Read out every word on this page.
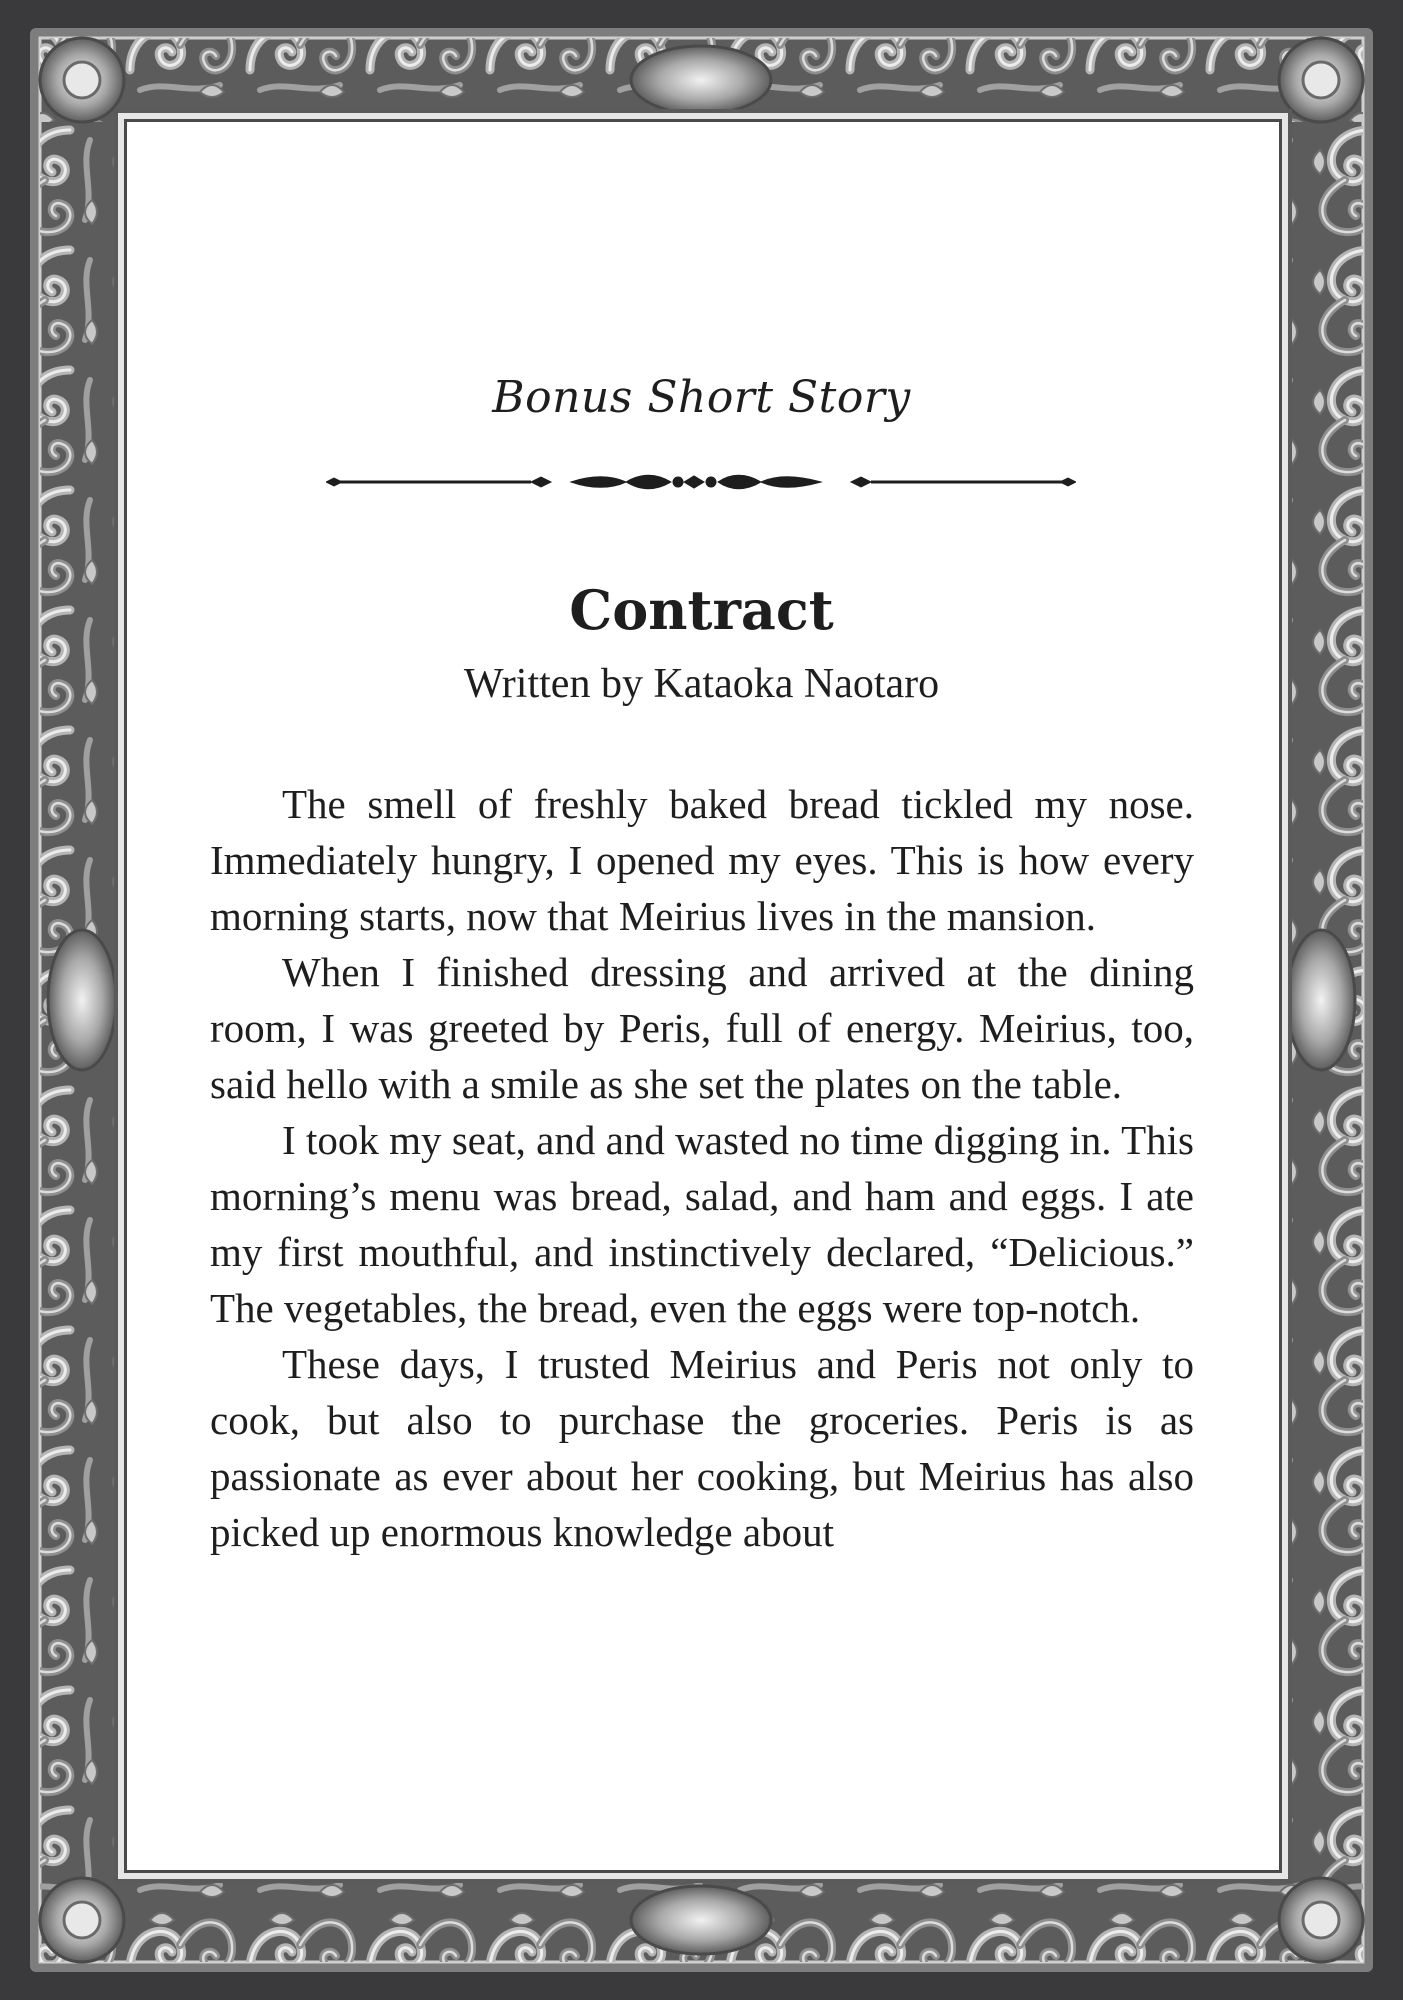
Bonus Short Story
Contract
Written by Kataoka Naotaro

The smell of freshly baked bread tickled my nose. Immediately hungry, I opened my eyes. This is how every morning starts, now that Meirius lives in the mansion.

When I finished dressing and arrived at the dining room, I was greeted by Peris, full of energy. Meirius, too, said hello with a smile as she set the plates on the table.

I took my seat, and and wasted no time digging in. This morning’s menu was bread, salad, and ham and eggs. I ate my first mouthful, and instinctively declared, “Delicious.” The vegetables, the bread, even the eggs were top-notch.

These days, I trusted Meirius and Peris not only to cook, but also to purchase the groceries. Peris is as passionate as ever about her cooking, but Meirius has also picked up enormous knowledge about
